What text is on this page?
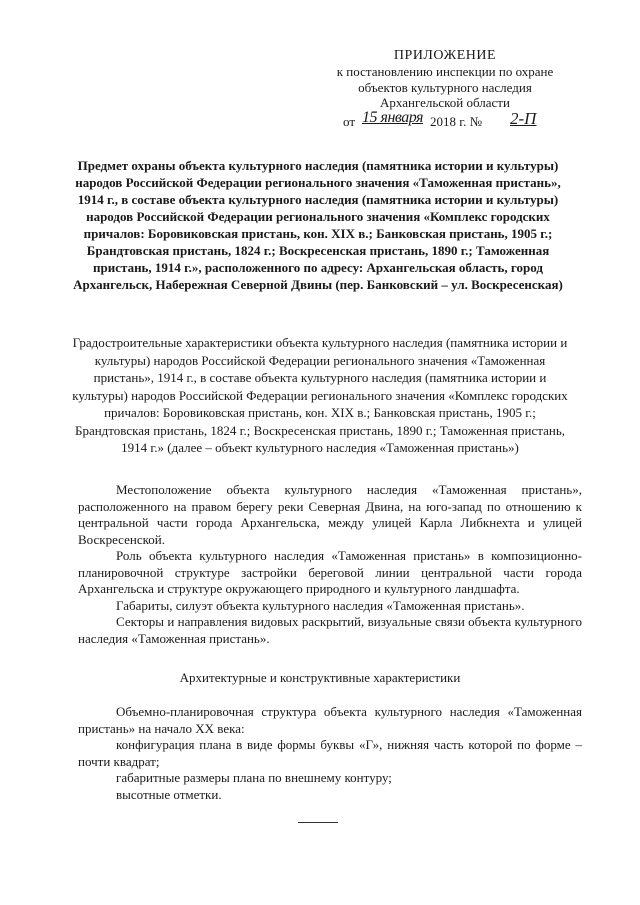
ПРИЛОЖЕНИЕ
к постановлению инспекции по охране
объектов культурного наследия
Архангельской области
от 15 января 2018 г. № 2-П
Предмет охраны объекта культурного наследия (памятника истории и культуры) народов Российской Федерации регионального значения «Таможенная пристань», 1914 г., в составе объекта культурного наследия (памятника истории и культуры) народов Российской Федерации регионального значения «Комплекс городских причалов: Боровиковская пристань, кон. XIX в.; Банковская пристань, 1905 г.; Брандтовская пристань, 1824 г.; Воскресенская пристань, 1890 г.; Таможенная пристань, 1914 г.», расположенного по адресу: Архангельская область, город Архангельск, Набережная Северной Двины (пер. Банковский – ул. Воскресенская)
Градостроительные характеристики объекта культурного наследия (памятника истории и культуры) народов Российской Федерации регионального значения «Таможенная пристань», 1914 г., в составе объекта культурного наследия (памятника истории и культуры) народов Российской Федерации регионального значения «Комплекс городских причалов: Боровиковская пристань, кон. XIX в.; Банковская пристань, 1905 г.; Брандтовская пристань, 1824 г.; Воскресенская пристань, 1890 г.; Таможенная пристань, 1914 г.» (далее – объект культурного наследия «Таможенная пристань»)

Местоположение объекта культурного наследия «Таможенная пристань», расположенного на правом берегу реки Северная Двина, на юго-запад по отношению к центральной части города Архангельска, между улицей Карла Либкнехта и улицей Воскресенской.

Роль объекта культурного наследия «Таможенная пристань» в композиционно-планировочной структуре застройки береговой линии центральной части города Архангельска и структуре окружающего природного и культурного ландшафта.

Габариты, силуэт объекта культурного наследия «Таможенная пристань».

Секторы и направления видовых раскрытий, визуальные связи объекта культурного наследия «Таможенная пристань».

Архитектурные и конструктивные характеристики

Объемно-планировочная структура объекта культурного наследия «Таможенная пристань» на начало XX века:

конфигурация плана в виде формы буквы «Г», нижняя часть которой по форме – почти квадрат;

габаритные размеры плана по внешнему контуру;

высотные отметки.
